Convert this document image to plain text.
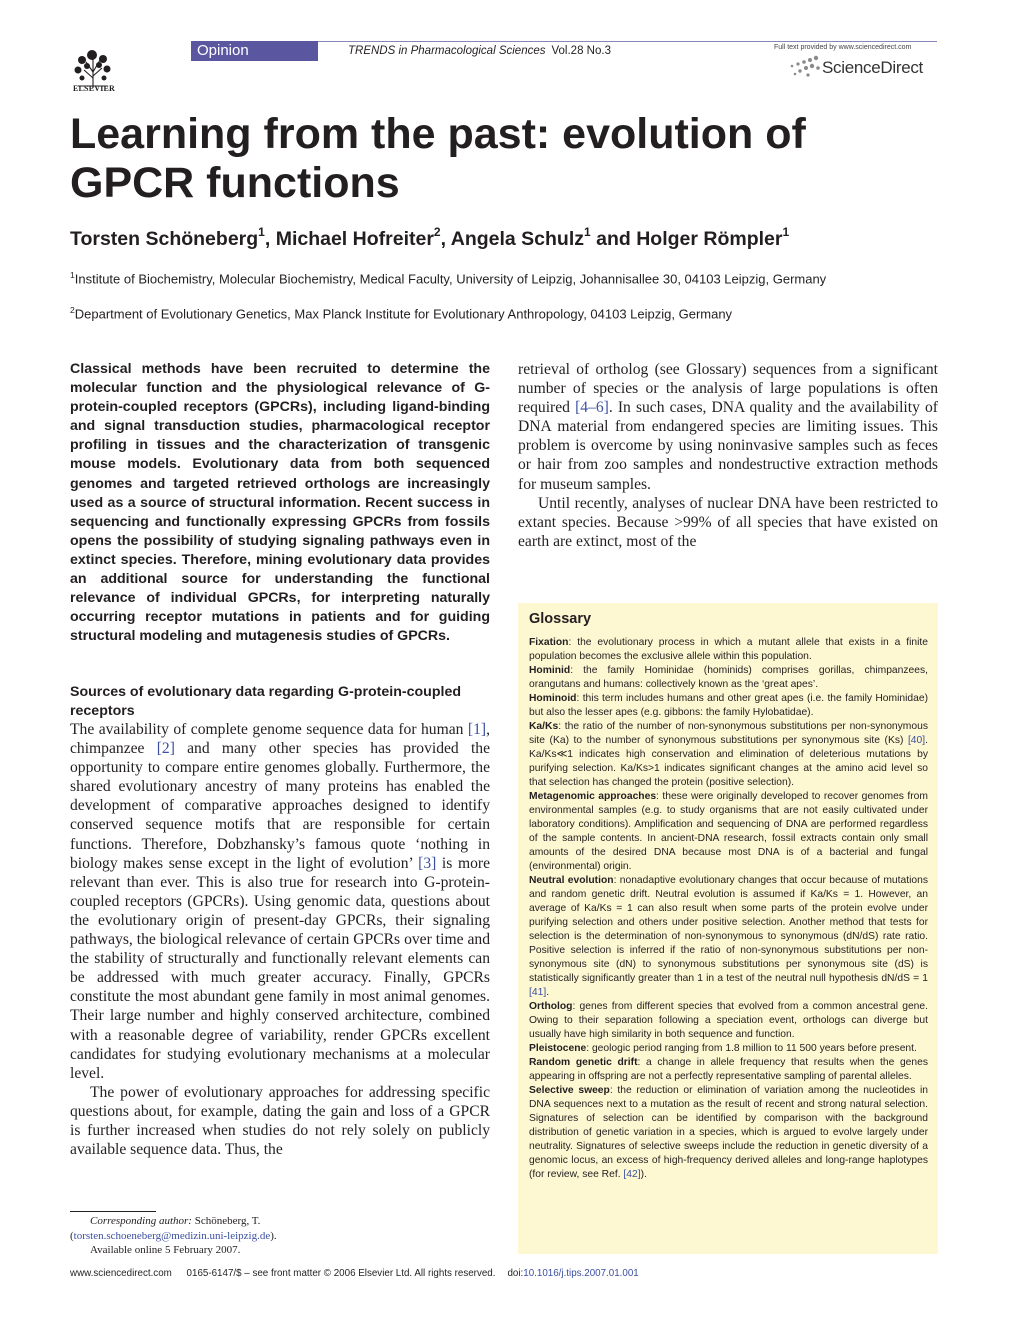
ELSEVIER
Opinion	TRENDS in Pharmacological Sciences Vol.28 No.3	Full text provided by www.sciencedirect.com
ScienceDirect
Learning from the past: evolution of GPCR functions
Torsten Schöneberg$^1$, Michael Hofreiter$^2$, Angela Schulz$^1$ and Holger Römpler$^1$
$^1$Institute of Biochemistry, Molecular Biochemistry, Medical Faculty, University of Leipzig, Johannisallee 30, 04103 Leipzig, Germany
$^2$Department of Evolutionary Genetics, Max Planck Institute for Evolutionary Anthropology, 04103 Leipzig, Germany

Classical methods have been recruited to determine the molecular function and the physiological relevance of G-protein-coupled receptors (GPCRs), including ligand-binding and signal transduction studies, pharmacological receptor profiling in tissues and the characterization of transgenic mouse models. Evolutionary data from both sequenced genomes and targeted retrieved orthologs are increasingly used as a source of structural information. Recent success in sequencing and functionally expressing GPCRs from fossils opens the possibility of studying signaling pathways even in extinct species. Therefore, mining evolutionary data provides an additional source for understanding the functional relevance of individual GPCRs, for interpreting naturally occurring receptor mutations in patients and for guiding structural modeling and mutagenesis studies of GPCRs.

Sources of evolutionary data regarding G-protein-coupled receptors

The availability of complete genome sequence data for human [1], chimpanzee [2] and many other species has provided the opportunity to compare entire genomes globally. Furthermore, the shared evolutionary ancestry of many proteins has enabled the development of comparative approaches designed to identify conserved sequence motifs that are responsible for certain functions. Therefore, Dobzhansky’s famous quote ‘nothing in biology makes sense except in the light of evolution’ [3] is more relevant than ever. This is also true for research into G-protein-coupled receptors (GPCRs). Using genomic data, questions about the evolutionary origin of present-day GPCRs, their signaling pathways, the biological relevance of certain GPCRs over time and the stability of structurally and functionally relevant elements can be addressed with much greater accuracy. Finally, GPCRs constitute the most abundant gene family in most animal genomes. Their large number and highly conserved architecture, combined with a reasonable degree of variability, render GPCRs excellent candidates for studying evolutionary mechanisms at a molecular level.

The power of evolutionary approaches for addressing specific questions about, for example, dating the gain and loss of a GPCR is further increased when studies do not rely solely on publicly available sequence data. Thus, the

Corresponding author: Schöneberg, T.
(torsten.schoeneberg@medizin.uni-leipzig.de).
Available online 5 February 2007.

retrieval of ortholog (see Glossary) sequences from a significant number of species or the analysis of large populations is often required [4–6]. In such cases, DNA quality and the availability of DNA material from endangered species are limiting issues. This problem is overcome by using noninvasive samples such as feces or hair from zoo samples and nondestructive extraction methods for museum samples.

Until recently, analyses of nuclear DNA have been restricted to extant species. Because >99% of all species that have existed on earth are extinct, most of the

Glossary

Fixation: the evolutionary process in which a mutant allele that exists in a finite population becomes the exclusive allele within this population.

Hominid: the family Hominidae (hominids) comprises gorillas, chimpanzees, orangutans and humans: collectively known as the ‘great apes’.

Hominoid: this term includes humans and other great apes (i.e. the family Hominidae) but also the lesser apes (e.g. gibbons: the family Hylobatidae).

Ka/Ks: the ratio of the number of non-synonymous substitutions per non-synonymous site (Ka) to the number of synonymous substitutions per synonymous site (Ks) [40]. Ka/Ks≪1 indicates high conservation and elimination of deleterious mutations by purifying selection. Ka/Ks>1 indicates significant changes at the amino acid level so that selection has changed the protein (positive selection).

Metagenomic approaches: these were originally developed to recover genomes from environmental samples (e.g. to study organisms that are not easily cultivated under laboratory conditions). Amplification and sequencing of DNA are performed regardless of the sample contents. In ancient-DNA research, fossil extracts contain only small amounts of the desired DNA because most DNA is of a bacterial and fungal (environmental) origin.

Neutral evolution: nonadaptive evolutionary changes that occur because of mutations and random genetic drift. Neutral evolution is assumed if Ka/Ks = 1. However, an average of Ka/Ks = 1 can also result when some parts of the protein evolve under purifying selection and others under positive selection. Another method that tests for selection is the determination of non-synonymous to synonymous (dN/dS) rate ratio. Positive selection is inferred if the ratio of non-synonymous substitutions per non-synonymous site (dN) to synonymous substitutions per synonymous site (dS) is statistically significantly greater than 1 in a test of the neutral null hypothesis dN/dS = 1 [41].

Ortholog: genes from different species that evolved from a common ancestral gene. Owing to their separation following a speciation event, orthologs can diverge but usually have high similarity in both sequence and function.

Pleistocene: geologic period ranging from 1.8 million to 11 500 years before present.

Random genetic drift: a change in allele frequency that results when the genes appearing in offspring are not a perfectly representative sampling of parental alleles.

Selective sweep: the reduction or elimination of variation among the nucleotides in DNA sequences next to a mutation as the result of recent and strong natural selection. Signatures of selection can be identified by comparison with the background distribution of genetic variation in a species, which is argued to evolve largely under neutrality. Signatures of selective sweeps include the reduction in genetic diversity of a genomic locus, an excess of high-frequency derived alleles and long-range haplotypes (for review, see Ref. [42]).

www.sciencedirect.com 0165-6147/$ – see front matter © 2006 Elsevier Ltd. All rights reserved. doi:10.1016/j.tips.2007.01.001
